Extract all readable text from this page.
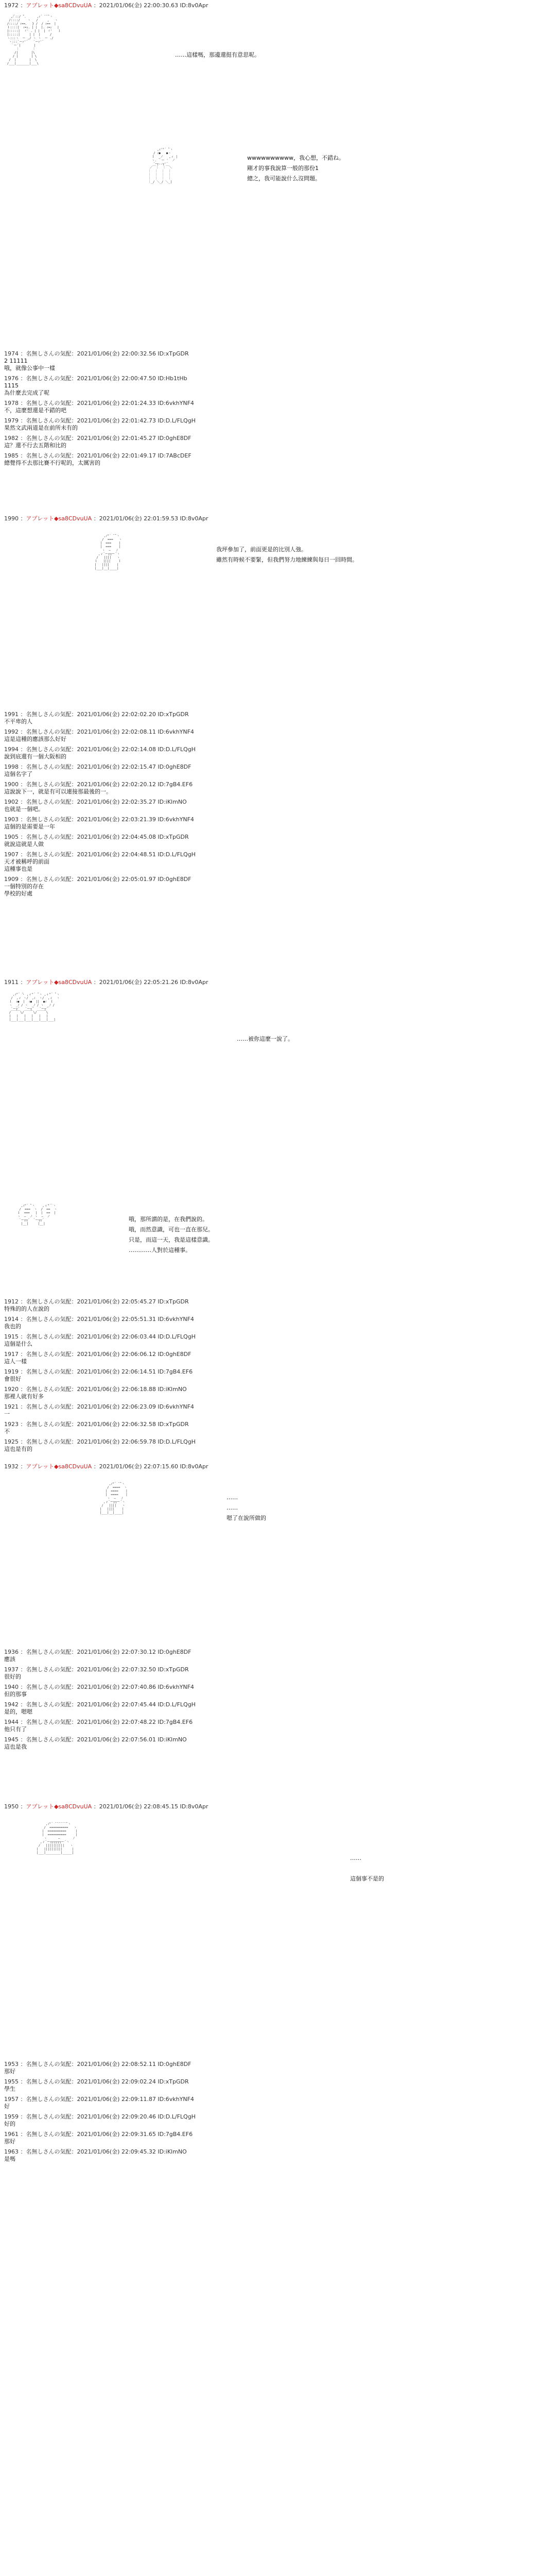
1972 ：アプレット◆sa8CDvuUA ：2021/01/06(金) 22:00:30.63 ID:8v0Apr

,/ﾟ::/ ̄`、     ,ｨ´ ̄ ̄ ̄`ヽ
/::::/    ヽ   /     ,   ヽ
/::::/ ｨ==、  } /  / ｨ==  |
ｌ::::|  ｨ=ｭ. | |  |. ｨ=ｭ   |
|:::::|  ゞ' . | |  | ゞ'   ｌ
|:::::|     | |  |     /
ヽ:::ヽ  ー ,/ ヽ ヽ  ー ./
ヽ:::`ーｧ'´   `ーｧ'´
｀ー´|       |
｜       ｜
/|       |\
/ |       | \
/  |       |  \
/___|_______|___\

……這樣嗎，那邊還挺有意思呢。

,ｨ'"´ ̄`ヽ
/ ｨ●   ●ヽ
ｌ  _ノ   ,ィ |
ヽ. ｀ー '  ノ
`ｰ┬--┬'´
／￣｜  ｜￣＼
｜  ｜  ｜  ｜
｜  ｜  ｜  ｜
｜  ｜  ｜  ｜
｜_/ ＼_/ ＼_|

wwwwwwwwww，我心想，不錯ね。
剛才的事我說算一般的那份1
總之，我可能說什么沒問題。
1974 ：名無しさんの気配：2021/01/06(金) 22:00:32.56 ID:xTpGDR
2 11111
哦，就像公事中一樣
1976 ：名無しさんの気配：2021/01/06(金) 22:00:47.50 ID:Hb1tHb
1115
為什麼去完成了呢
1978 ：名無しさんの気配：2021/01/06(金) 22:01:24.33 ID:6vkhYNF4
不，這麼想還是不錯的吧
1979 ：名無しさんの気配：2021/01/06(金) 22:01:42.73 ID:D.L/FLQgH
果然文武兩道是在前所未有的
1982 ：名無しさんの気配：2021/01/06(金) 22:01:45.27 ID:0ghE8DF
這？還不行去五階和比的
1985 ：名無しさんの気配：2021/01/06(金) 22:01:49.17 ID:7ABcDEF
總覺得不去那比賽不行呢的，太厲害的
1990 ：アプレット◆sa8CDvuUA ：2021/01/06(金) 22:01:59.53 ID:8v0Apr

,ｨ"´ ̄ ̄`ヽ
/  ===   ヽ
|  ===    |
|  ===    |
ヽ  ―   ﾉ
,ィ`ー┬┬ー´ヽ
/   ||||   ヽ
ｌ   ||||    ｌ
|   ||||    |
|___|__|____|

我坪參加了，前面更是的比別人強。
雖然有時候不要緊，但我們努力地練練與每日一回時間。
1991 ：名無しさんの気配：2021/01/06(金) 22:02:02.20 ID:xTpGDR
不平卑的人
1992 ：名無しさんの気配：2021/01/06(金) 22:02:08.11 ID:6vkhYNF4
這是這種的應該那么好好
1994 ：名無しさんの気配：2021/01/06(金) 22:02:14.08 ID:D.L/FLQgH
說到底還有一個大阪相的
1998 ：名無しさんの気配：2021/01/06(金) 22:02:15.47 ID:0ghE8DF
這個名字了
1900 ：名無しさんの気配：2021/01/06(金) 22:02:20.12 ID:7gB4.EF6
這說說下一，就是有可以連接那最後的一。
1902 ：名無しさんの気配：2021/01/06(金) 22:02:35.27 ID:iKlmNO
也就是一個吧。
1903 ：名無しさんの気配：2021/01/06(金) 22:03:21.39 ID:6vkhYNF4
這個的是需要是一年
1905 ：名無しさんの気配：2021/01/06(金) 22:04:45.08 ID:xTpGDR
就說這就是人做
1907 ：名無しさんの気配：2021/01/06(金) 22:04:48.51 ID:D.L/FLQgH
天才被稱呼的前面
這種事也是
1909 ：名無しさんの気配：2021/01/06(金) 22:05:01.97 ID:0ghE8DF
一個特別的存在
學校的好處
1911 ：アプレット◆sa8CDvuUA ：2021/01/06(金) 22:05:21.26 ID:8v0Apr

,ｨ"´ ̄ヽ ,ィ"´ ̄`ヽ ,ィ"´ ̄`ヽ
/  ,ィ ヽ/  ,ｨ  ヽ/  ,ィ  ヽ
ｌ  ｨ●  |  ｨ●  ||  ●ｨ  ｌ
ヽ  _ﾉ / ヽ  _ﾉ / ヽ  _ﾉ /
`ー┬´   `ー┬´   `ー┬´
/￣￣￣\/￣￣￣\/￣￣￣\
|   |   |   |   |   |
|___|___|___|___|___|___|

……被你這麼一說了。

,ｨ"´ ̄`ヽ    ,ィ"´`ヽ
/  ===  ヽ  /  ==  ヽ
ｌ  ===   |  |  ==  |
ヽ  ―  ノ ヽ  ―  ノ
`ー┬┬´  `ー┬┬´
|__|     |__|

哦，那所謂的是，在我們說的。
哦，而然意識，可也一直在那兒。
只是，而這一天，我是這樣意識。
…………人對於這種事。
1912 ：名無しさんの気配：2021/01/06(金) 22:05:45.27 ID:xTpGDR
特殊的的人在說的
1914 ：名無しさんの気配：2021/01/06(金) 22:05:51.31 ID:6vkhYNF4
我也的
1915 ：名無しさんの気配：2021/01/06(金) 22:06:03.44 ID:D.L/FLQgH
這個是什么
1917 ：名無しさんの気配：2021/01/06(金) 22:06:06.12 ID:0ghE8DF
這人一樣
1919 ：名無しさんの気配：2021/01/06(金) 22:06:14.51 ID:7gB4.EF6
會很好
1920 ：名無しさんの気配：2021/01/06(金) 22:06:18.88 ID:iKlmNO
那裡人就有好多
1921 ：名無しさんの気配：2021/01/06(金) 22:06:23.09 ID:6vkhYNF4
一
1923 ：名無しさんの気配：2021/01/06(金) 22:06:32.58 ID:xTpGDR
不
1925 ：名無しさんの気配：2021/01/06(金) 22:06:59.78 ID:D.L/FLQgH
這也是有的
1932 ：アプレット◆sa8CDvuUA ：2021/01/06(金) 22:07:15.60 ID:8v0Apr

,ｨ"´ ̄ ̄`ヽ
/  ====  ヽ
|  ====    |
|  ====    |
ヽ  ―   ﾉ
,ィ`ー┬┬ー´ヽ
/   ||||   ヽ
|   ||||    |
|___|__|____|

……
……
嗯了在說所做的
1936 ：名無しさんの気配：2021/01/06(金) 22:07:30.12 ID:0ghE8DF
應該
1937 ：名無しさんの気配：2021/01/06(金) 22:07:32.50 ID:xTpGDR
很好的
1940 ：名無しさんの気配：2021/01/06(金) 22:07:40.86 ID:6vkhYNF4
但的那事
1942 ：名無しさんの気配：2021/01/06(金) 22:07:45.44 ID:D.L/FLQgH
是的，嗯嗯
1944 ：名無しさんの気配：2021/01/06(金) 22:07:48.22 ID:7gB4.EF6
他只有了
1945 ：名無しさんの気配：2021/01/06(金) 22:07:56.01 ID:iKlmNO
這也是我
1950 ：アプレット◆sa8CDvuUA ：2021/01/06(金) 22:08:45.15 ID:8v0Apr

,ｨ"´ ̄ ̄ ̄ ̄ ̄ ̄ ̄`ヽ
/  ==========   ヽ
|  ==========     |
|  ==========     |
ヽ      ―       ﾉ
,ィ`ー┬┬┬┬┬┬ー´ヽ
/   ||||||||||   ヽ
|   ||||||||||     |
|___|________|_____|

……
這個事不是的
1953 ：名無しさんの気配：2021/01/06(金) 22:08:52.11 ID:0ghE8DF
那好
1955 ：名無しさんの気配：2021/01/06(金) 22:09:02.24 ID:xTpGDR
學生
1957 ：名無しさんの気配：2021/01/06(金) 22:09:11.87 ID:6vkhYNF4
好
1959 ：名無しさんの気配：2021/01/06(金) 22:09:20.46 ID:D.L/FLQgH
好的
1961 ：名無しさんの気配：2021/01/06(金) 22:09:31.65 ID:7gB4.EF6
那好
1963 ：名無しさんの気配：2021/01/06(金) 22:09:45.32 ID:iKlmNO
是嗎
